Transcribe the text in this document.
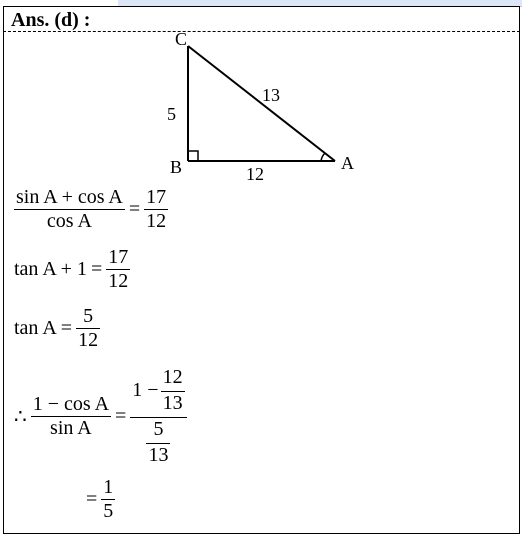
Ans. (d) :
C
B	A
5
13
12
$\frac{\text{sin A + cos A}}{\text{cos A}} = \frac{17}{12}$
$\tan A + 1 = \frac{17}{12}$
$\tan A = \frac{5}{12}$
∴ $\frac{\text{1 − cos A}}{\text{sin A}} = \frac{1 - \frac{12}{13}}{\frac{5}{13}}$
= $\frac{1}{5}$
